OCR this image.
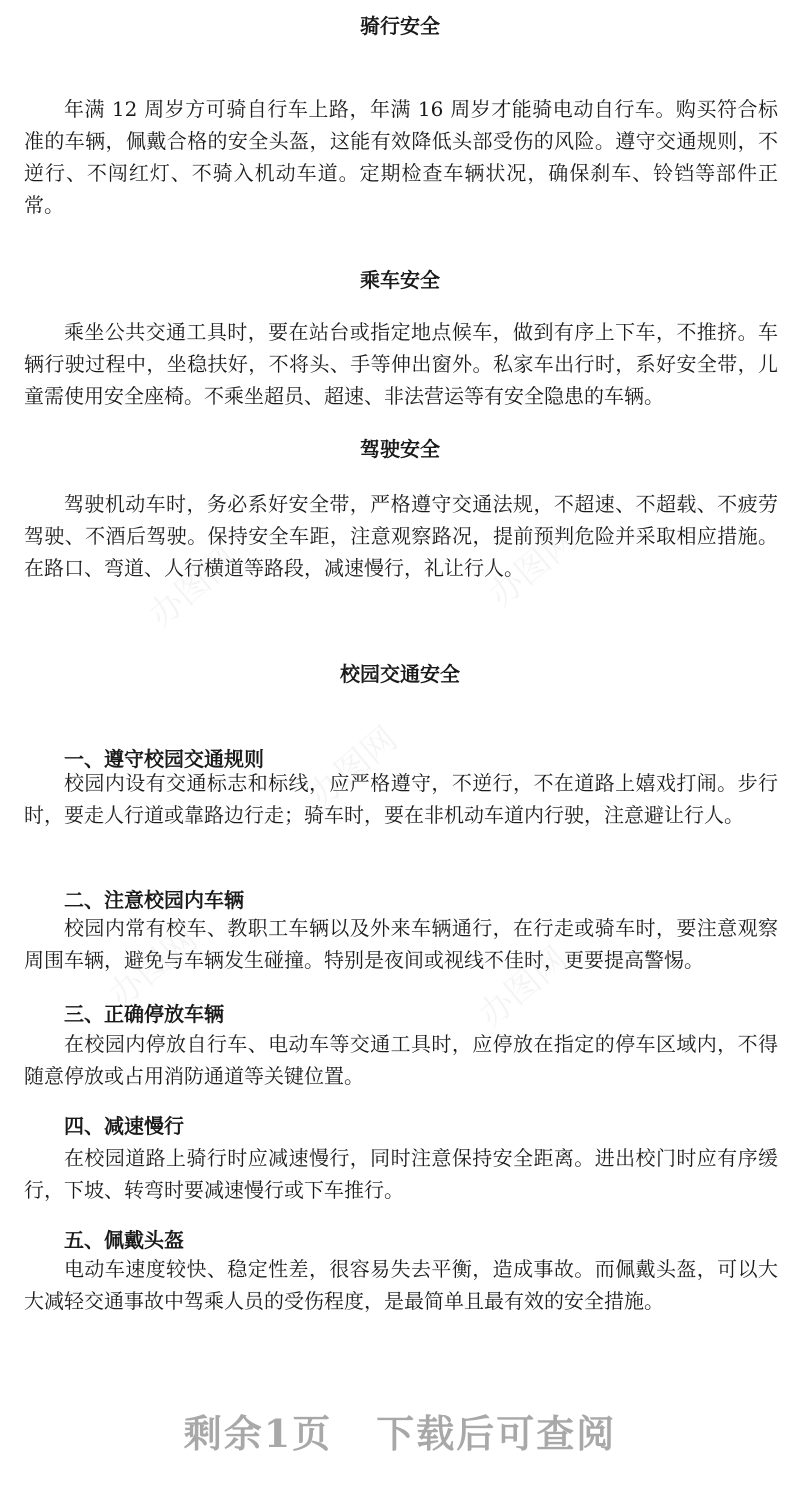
骑行安全

年满 12 周岁方可骑自行车上路，年满 16 周岁才能骑电动自行车。购买符合标准的车辆，佩戴合格的安全头盔，这能有效降低头部受伤的风险。遵守交通规则，不逆行、不闯红灯、不骑入机动车道。定期检查车辆状况，确保刹车、铃铛等部件正常。

乘车安全

乘坐公共交通工具时，要在站台或指定地点候车，做到有序上下车，不推挤。车辆行驶过程中，坐稳扶好，不将头、手等伸出窗外。私家车出行时，系好安全带，儿童需使用安全座椅。不乘坐超员、超速、非法营运等有安全隐患的车辆。

驾驶安全

驾驶机动车时，务必系好安全带，严格遵守交通法规，不超速、不超载、不疲劳驾驶、不酒后驾驶。保持安全车距，注意观察路况，提前预判危险并采取相应措施。在路口、弯道、人行横道等路段，减速慢行，礼让行人。

校园交通安全
一、遵守校园交通规则

校园内设有交通标志和标线，应严格遵守，不逆行，不在道路上嬉戏打闹。步行时，要走人行道或靠路边行走；骑车时，要在非机动车道内行驶，注意避让行人。

二、注意校园内车辆

校园内常有校车、教职工车辆以及外来车辆通行，在行走或骑车时，要注意观察周围车辆，避免与车辆发生碰撞。特别是夜间或视线不佳时，更要提高警惕。

三、正确停放车辆

在校园内停放自行车、电动车等交通工具时，应停放在指定的停车区域内，不得随意停放或占用消防通道等关键位置。

四、减速慢行

在校园道路上骑行时应减速慢行，同时注意保持安全距离。进出校门时应有序缓行，下坡、转弯时要减速慢行或下车推行。

五、佩戴头盔

电动车速度较快、稳定性差，很容易失去平衡，造成事故。而佩戴头盔，可以大大减轻交通事故中驾乘人员的受伤程度，是最简单且最有效的安全措施。

剩余1页 下载后可查阅
